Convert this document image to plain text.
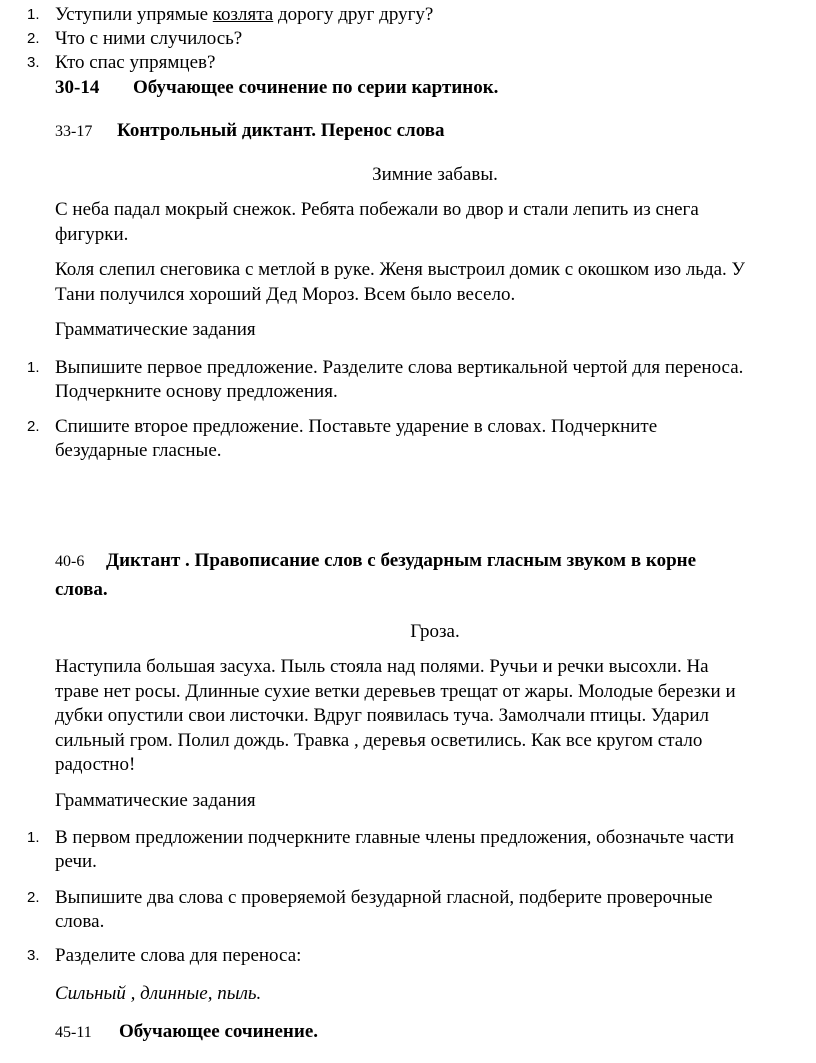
1. Уступили упрямые козлята дорогу друг другу?
2. Что с ними случилось?
3. Кто спас упрямцев?
30-14 Обучающее сочинение по серии картинок.
33-17 Контрольный диктант. Перенос слова
Зимние забавы.
С неба падал мокрый снежок. Ребята побежали во двор и стали лепить из снега
фигурки.
Коля слепил снеговика с метлой в руке. Женя выстроил домик с окошком изо льда. У
Тани получился хороший Дед Мороз. Всем было весело.
Грамматические задания
1. Выпишите первое предложение. Разделите слова вертикальной чертой для переноса.
Подчеркните основу предложения.
2. Спишите второе предложение. Поставьте ударение в словах. Подчеркните
безударные гласные.
40-6 Диктант . Правописание слов с безударным гласным звуком в корне
слова.
Гроза.
Наступила большая засуха. Пыль стояла над полями. Ручьи и речки высохли. На
траве нет росы. Длинные сухие ветки деревьев трещат от жары. Молодые березки и
дубки опустили свои листочки. Вдруг появилась туча. Замолчали птицы. Ударил
сильный гром. Полил дождь. Травка , деревья осветились. Как все кругом стало
радостно!
Грамматические задания
1. В первом предложении подчеркните главные члены предложения, обозначьте части
речи.
2. Выпишите два слова с проверяемой безударной гласной, подберите проверочные
слова.
3. Разделите слова для переноса:
Сильный , длинные, пыль.
45-11 Обучающее сочинение.
